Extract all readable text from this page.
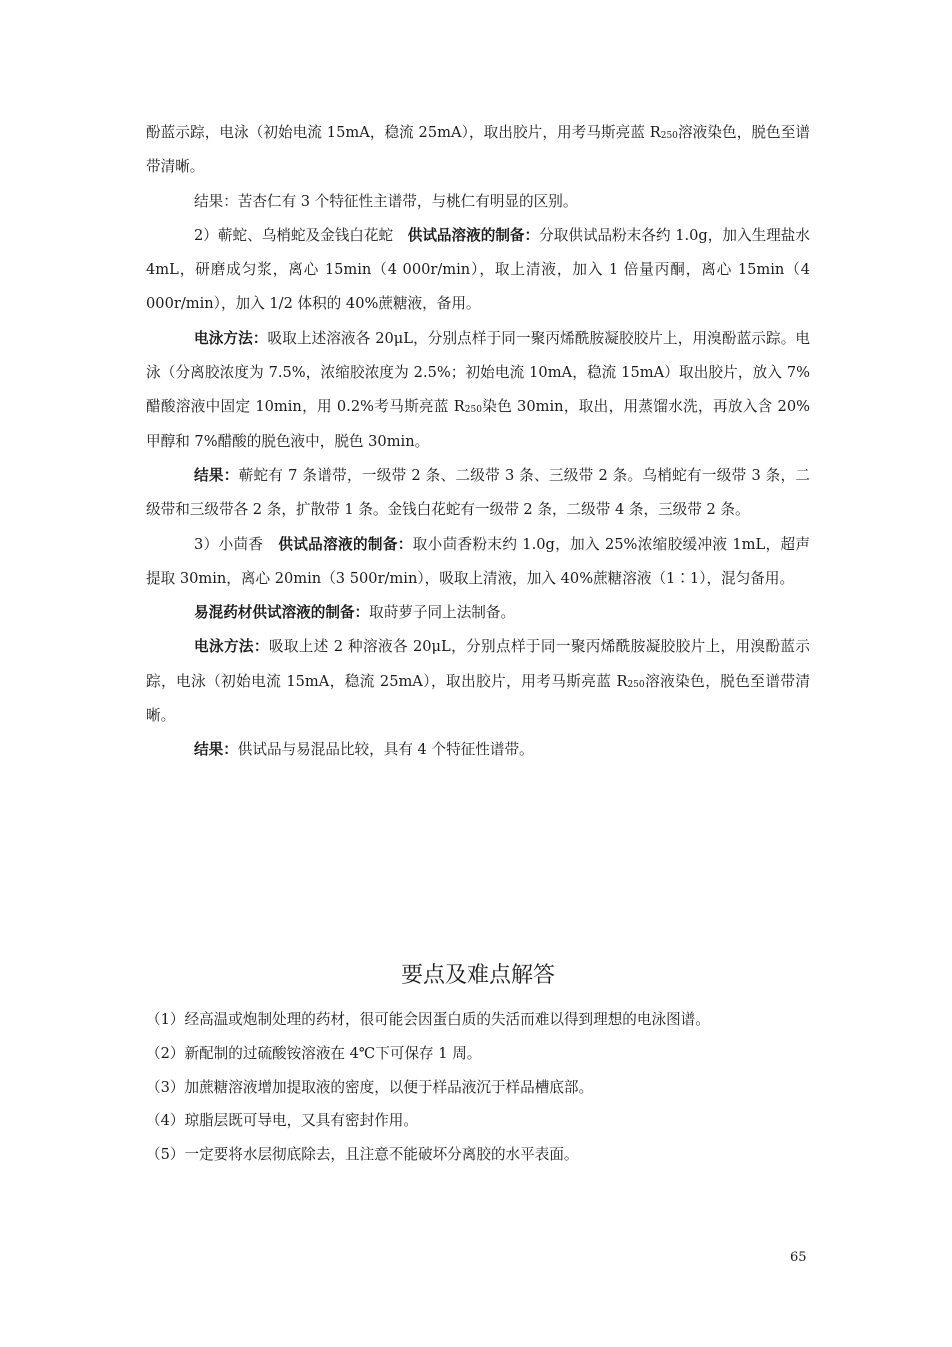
酚蓝示踪，电泳（初始电流 15mA，稳流 25mA），取出胶片，用考马斯亮蓝 $R_{250}$溶液染色，脱色至谱带清晰。

结果：苦杏仁有 3 个特征性主谱带，与桃仁有明显的区别。

2）蕲蛇、乌梢蛇及金钱白花蛇　供试品溶液的制备：分取供试品粉末各约 1.0g，加入生理盐水 4mL，研磨成匀浆，离心 15min（4 000r/min），取上清液，加入 1 倍量丙酮，离心 15min（4 000r/min），加入 1/2 体积的 40%蔗糖液，备用。

电泳方法：吸取上述溶液各 20μL，分别点样于同一聚丙烯酰胺凝胶胶片上，用溴酚蓝示踪。电泳（分离胶浓度为 7.5%，浓缩胶浓度为 2.5%；初始电流 10mA，稳流 15mA）取出胶片，放入 7%醋酸溶液中固定 10min，用 0.2%考马斯亮蓝 $R_{250}$染色 30min，取出，用蒸馏水洗，再放入含 20%甲醇和 7%醋酸的脱色液中，脱色 30min。

结果：蕲蛇有 7 条谱带，一级带 2 条、二级带 3 条、三级带 2 条。乌梢蛇有一级带 3 条，二级带和三级带各 2 条，扩散带 1 条。金钱白花蛇有一级带 2 条，二级带 4 条，三级带 2 条。

3）小茴香　供试品溶液的制备：取小茴香粉末约 1.0g，加入 25%浓缩胶缓冲液 1mL，超声提取 30min，离心 20min（3 500r/min），吸取上清液，加入 40%蔗糖溶液（1∶1），混匀备用。

易混药材供试溶液的制备：取莳萝子同上法制备。

电泳方法：吸取上述 2 种溶液各 20μL，分别点样于同一聚丙烯酰胺凝胶胶片上，用溴酚蓝示踪，电泳（初始电流 15mA，稳流 25mA），取出胶片，用考马斯亮蓝 $R_{250}$溶液染色，脱色至谱带清晰。

结果：供试品与易混品比较，具有 4 个特征性谱带。

要点及难点解答

（1）经高温或炮制处理的药材，很可能会因蛋白质的失活而难以得到理想的电泳图谱。

（2）新配制的过硫酸铵溶液在 4℃下可保存 1 周。

（3）加蔗糖溶液增加提取液的密度，以便于样品液沉于样品槽底部。

（4）琼脂层既可导电，又具有密封作用。

（5）一定要将水层彻底除去，且注意不能破坏分离胶的水平表面。

65
